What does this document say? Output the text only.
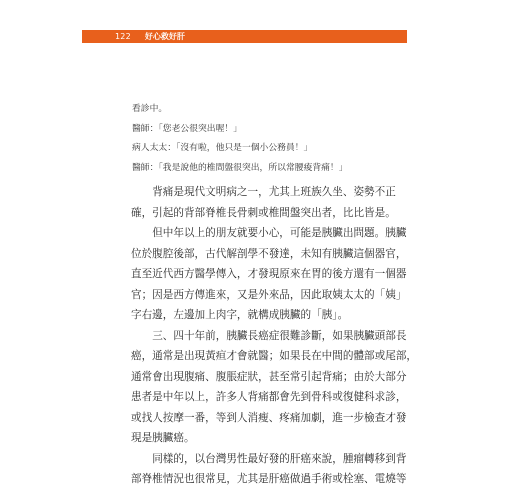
122 好心救好肝
看診中。
醫師：「您老公很突出喔！」
病人太太：「沒有啦，他只是一個小公務員！」
醫師：「我是說他的椎間盤很突出，所以常腰痠背痛！」

背痛是現代文明病之一，尤其上班族久坐、姿勢不正
確，引起的背部脊椎長骨刺或椎間盤突出者，比比皆是。

但中年以上的朋友就要小心，可能是胰臟出問題。胰臟
位於腹腔後部，古代解剖學不發達，未知有胰臟這個器官，
直至近代西方醫學傳入，才發現原來在胃的後方還有一個器
官；因是西方傳進來，又是外來品，因此取姨太太的「姨」
字右邊，左邊加上肉字，就構成胰臟的「胰」。

三、四十年前，胰臟長癌症很難診斷，如果胰臟頭部長
癌，通常是出現黃疸才會就醫；如果長在中間的體部或尾部，
通常會出現腹痛、腹脹症狀，甚至常引起背痛；由於大部分
患者是中年以上，許多人背痛都會先到骨科或復健科求診，
或找人按摩一番，等到人消瘦、疼痛加劇，進一步檢查才發
現是胰臟癌。

同樣的，以台灣男性最好發的肝癌來說，腫瘤轉移到背
部脊椎情況也很常見，尤其是肝癌做過手術或栓塞、電燒等
